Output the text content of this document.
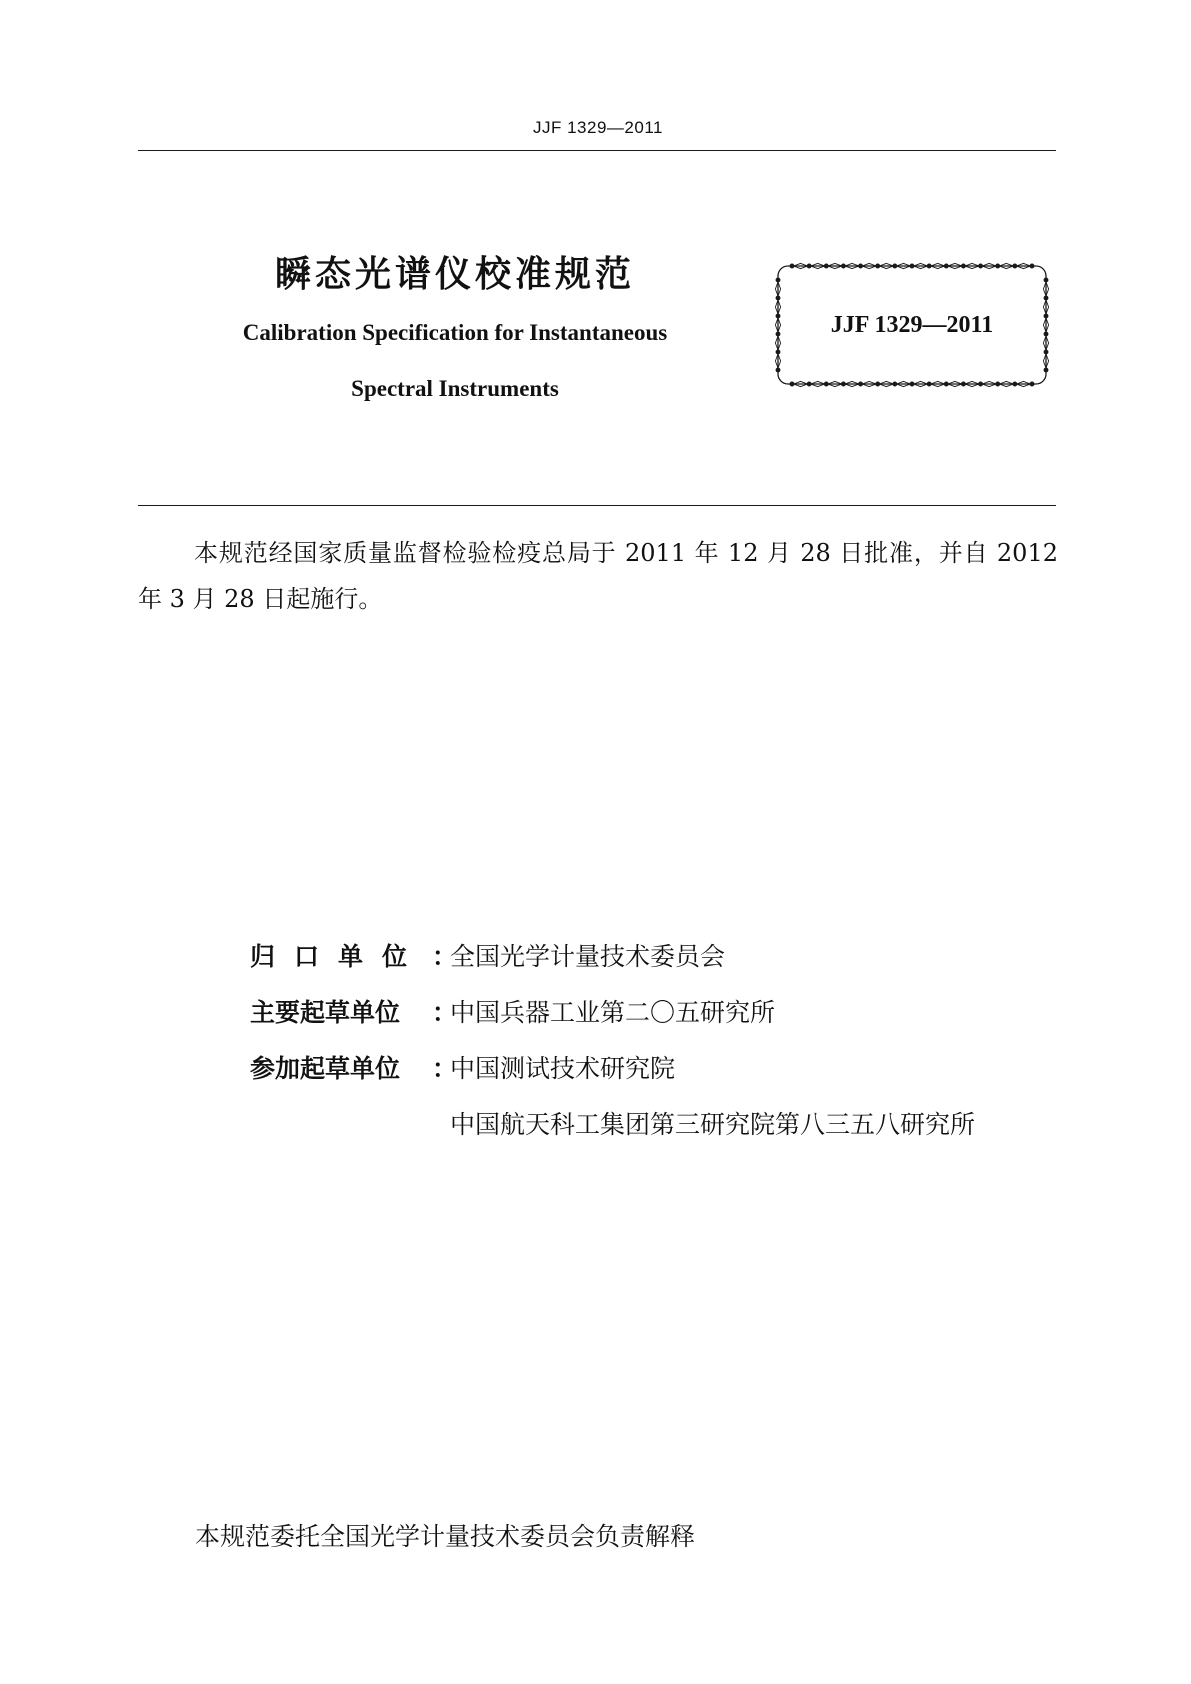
JJF 1329—2011
瞬态光谱仪校准规范
Calibration Specification for Instantaneous
Spectral Instruments
JJF 1329—2011
本规范经国家质量监督检验检疫总局于 2011 年 12 月 28 日批准，并自 2012 年 3 月 28 日起施行。
归口单位 ：
全国光学计量技术委员会
主要起草单位	：
中国兵器工业第二〇五研究所
参加起草单位	：
中国测试技术研究院
中国航天科工集团第三研究院第八三五八研究所
本规范委托全国光学计量技术委员会负责解释
